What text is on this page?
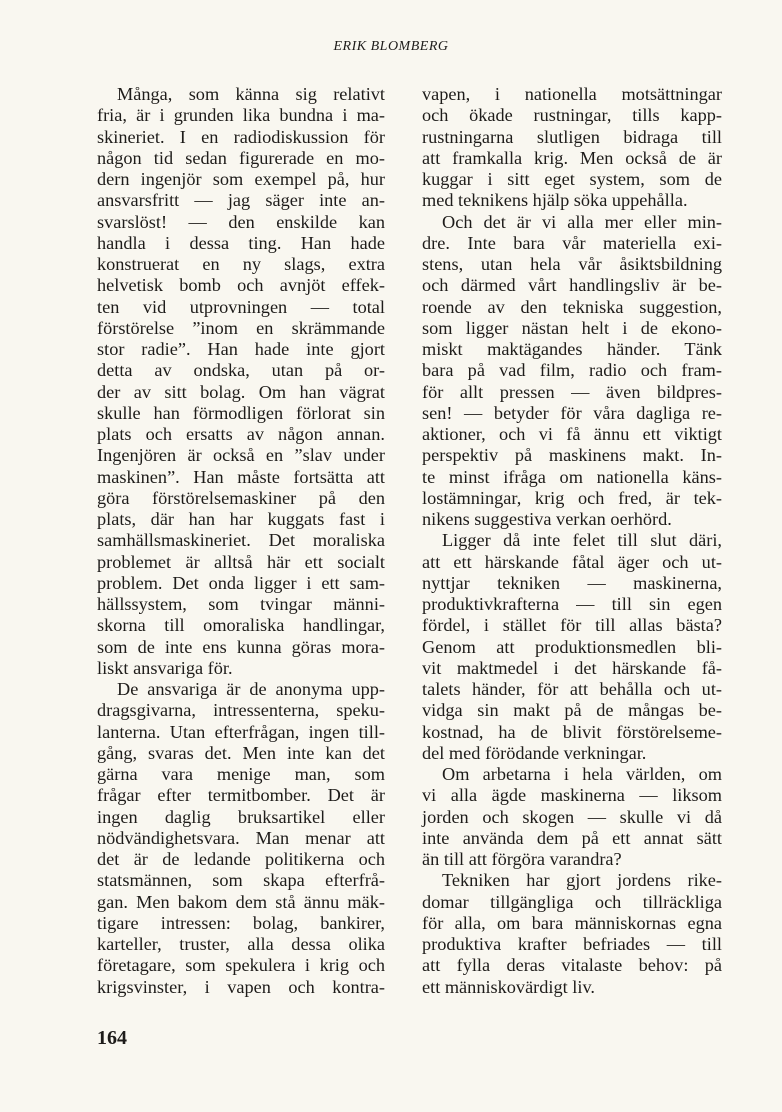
ERIK BLOMBERG
Många, som känna sig relativt
fria, är i grunden lika bundna i ma-
skineriet. I en radiodiskussion för
någon tid sedan figurerade en mo-
dern ingenjör som exempel på, hur
ansvarsfritt — jag säger inte an-
svarslöst! — den enskilde kan
handla i dessa ting. Han hade
konstruerat en ny slags, extra
helvetisk bomb och avnjöt effek-
ten vid utprovningen — total
förstörelse ”inom en skrämmande
stor radie”. Han hade inte gjort
detta av ondska, utan på or-
der av sitt bolag. Om han vägrat
skulle han förmodligen förlorat sin
plats och ersatts av någon annan.
Ingenjören är också en ”slav under
maskinen”. Han måste fortsätta att
göra förstörelsemaskiner på den
plats, där han har kuggats fast i
samhällsmaskineriet. Det moraliska
problemet är alltså här ett socialt
problem. Det onda ligger i ett sam-
hällssystem, som tvingar männi-
skorna till omoraliska handlingar,
som de inte ens kunna göras mora-
liskt ansvariga för.
De ansvariga är de anonyma upp-
dragsgivarna, intressenterna, speku-
lanterna. Utan efterfrågan, ingen till-
gång, svaras det. Men inte kan det
gärna vara menige man, som
frågar efter termitbomber. Det är
ingen daglig bruksartikel eller
nödvändighetsvara. Man menar att
det är de ledande politikerna och
statsmännen, som skapa efterfrå-
gan. Men bakom dem stå ännu mäk-
tigare intressen: bolag, bankirer,
karteller, truster, alla dessa olika
företagare, som spekulera i krig och
krigsvinster, i vapen och kontra-
vapen, i nationella motsättningar
och ökade rustningar, tills kapp-
rustningarna slutligen bidraga till
att framkalla krig. Men också de är
kuggar i sitt eget system, som de
med teknikens hjälp söka uppehålla.
Och det är vi alla mer eller min-
dre. Inte bara vår materiella exi-
stens, utan hela vår åsiktsbildning
och därmed vårt handlingsliv är be-
roende av den tekniska suggestion,
som ligger nästan helt i de ekono-
miskt maktägandes händer. Tänk
bara på vad film, radio och fram-
för allt pressen — även bildpres-
sen! — betyder för våra dagliga re-
aktioner, och vi få ännu ett viktigt
perspektiv på maskinens makt. In-
te minst ifråga om nationella käns-
lostämningar, krig och fred, är tek-
nikens suggestiva verkan oerhörd.
Ligger då inte felet till slut däri,
att ett härskande fåtal äger och ut-
nyttjar tekniken — maskinerna,
produktivkrafterna — till sin egen
fördel, i stället för till allas bästa?
Genom att produktionsmedlen bli-
vit maktmedel i det härskande få-
talets händer, för att behålla och ut-
vidga sin makt på de mångas be-
kostnad, ha de blivit förstörelseme-
del med förödande verkningar.
Om arbetarna i hela världen, om
vi alla ägde maskinerna — liksom
jorden och skogen — skulle vi då
inte använda dem på ett annat sätt
än till att förgöra varandra?
Tekniken har gjort jordens rike-
domar tillgängliga och tillräckliga
för alla, om bara människornas egna
produktiva krafter befriades — till
att fylla deras vitalaste behov: på
ett människovärdigt liv.
164
